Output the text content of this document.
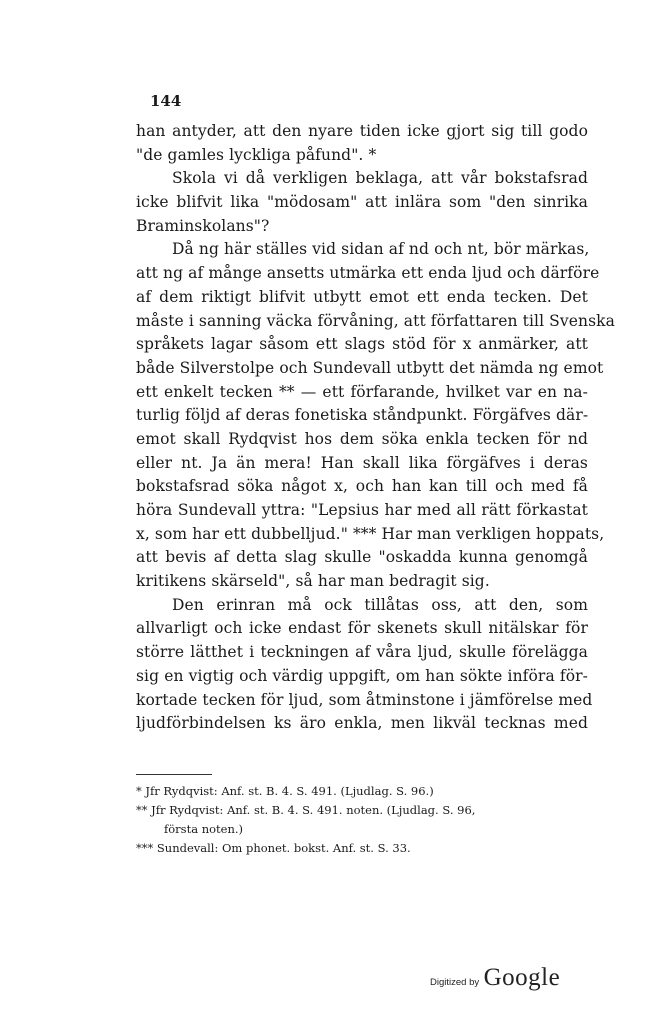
144
han antyder, att den nyare tiden icke gjort sig till godo
"de gamles lyckliga påfund". *
Skola vi då verkligen beklaga, att vår bokstafsrad
icke blifvit lika "mödosam" att inlära som "den sinrika
Braminskolans"?
Då ng här ställes vid sidan af nd och nt, bör märkas,
att ng af månge ansetts utmärka ett enda ljud och därföre
af dem riktigt blifvit utbytt emot ett enda tecken. Det
måste i sanning väcka förvåning, att författaren till Svenska
språkets lagar såsom ett slags stöd för x anmärker, att
både Silverstolpe och Sundevall utbytt det nämda ng emot
ett enkelt tecken ** — ett förfarande, hvilket var en na-
turlig följd af deras fonetiska ståndpunkt. Förgäfves där-
emot skall Rydqvist hos dem söka enkla tecken för nd
eller nt. Ja än mera! Han skall lika förgäfves i deras
bokstafsrad söka något x, och han kan till och med få
höra Sundevall yttra: "Lepsius har med all rätt förkastat
x, som har ett dubbelljud." *** Har man verkligen hoppats,
att bevis af detta slag skulle "oskadda kunna genomgå
kritikens skärseld", så har man bedragit sig.
Den erinran må ock tillåtas oss, att den, som
allvarligt och icke endast för skenets skull nitälskar för
större lätthet i teckningen af våra ljud, skulle förelägga
sig en vigtig och värdig uppgift, om han sökte införa för-
kortade tecken för ljud, som åtminstone i jämförelse med
ljudförbindelsen ks äro enkla, men likväl tecknas med
* Jfr Rydqvist: Anf. st. B. 4. S. 491. (Ljudlag. S. 96.)
** Jfr Rydqvist: Anf. st. B. 4. S. 491. noten. (Ljudlag. S. 96,
första noten.)
*** Sundevall: Om phonet. bokst. Anf. st. S. 33.
Digitized by Google
